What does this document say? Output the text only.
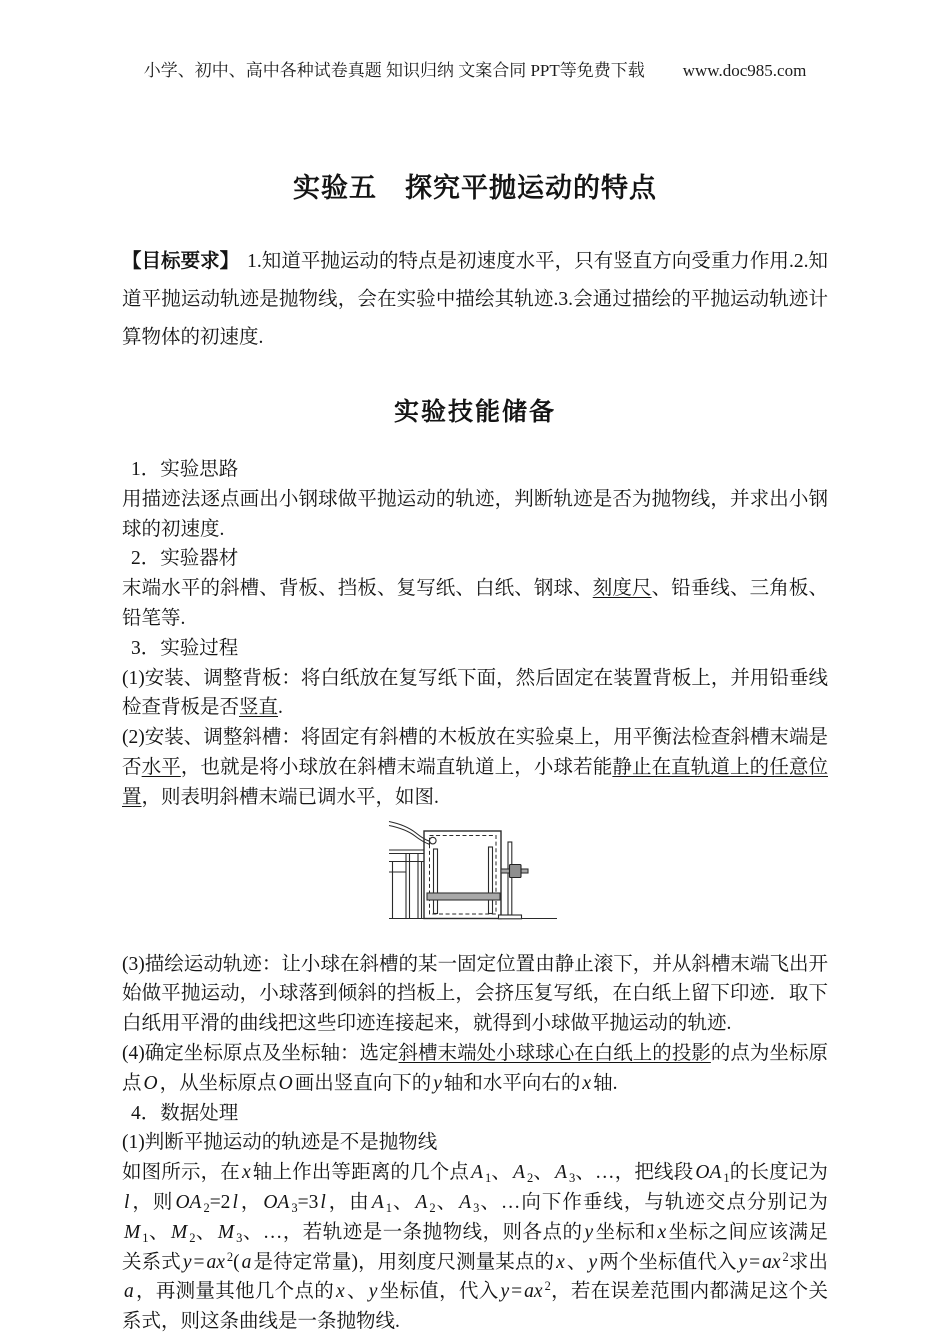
小学、初中、高中各种试卷真题 知识归纳 文案合同 PPT等免费下载 www.doc985.com
实验五　探究平抛运动的特点

【目标要求】 1.知道平抛运动的特点是初速度水平，只有竖直方向受重力作用.2.知道平抛运动轨迹是抛物线，会在实验中描绘其轨迹.3.会通过描绘的平抛运动轨迹计算物体的初速度.

实验技能储备

1．实验思路

用描迹法逐点画出小钢球做平抛运动的轨迹，判断轨迹是否为抛物线，并求出小钢球的初速度.

2．实验器材

末端水平的斜槽、背板、挡板、复写纸、白纸、钢球、刻度尺、铅垂线、三角板、铅笔等.

3．实验过程

(1)安装、调整背板：将白纸放在复写纸下面，然后固定在装置背板上，并用铅垂线检查背板是否竖直.

(2)安装、调整斜槽：将固定有斜槽的木板放在实验桌上，用平衡法检查斜槽末端是否水平，也就是将小球放在斜槽末端直轨道上，小球若能静止在直轨道上的任意位置，则表明斜槽末端已调水平，如图.

(3)描绘运动轨迹：让小球在斜槽的某一固定位置由静止滚下，并从斜槽末端飞出开始做平抛运动，小球落到倾斜的挡板上，会挤压复写纸，在白纸上留下印迹．取下白纸用平滑的曲线把这些印迹连接起来，就得到小球做平抛运动的轨迹.

(4)确定坐标原点及坐标轴：选定斜槽末端处小球球心在白纸上的投影的点为坐标原点 O ，从坐标原点 O 画出竖直向下的 y 轴和水平向右的 x 轴.

4．数据处理

(1)判断平抛运动的轨迹是不是抛物线

如图所示，在 x 轴上作出等距离的几个点 A $_1$、 A $_2$、 A $_3$、…，把线段 OA $_1$的长度记为l ，则 OA $_2$=2 l ， OA $_3$=3 l ，由 A $_1$、 A $_2$、 A $_3$、…向下作垂线，与轨迹交点分别记为M $_1$、 M $_2$、 M $_3$、…，若轨迹是一条抛物线，则各点的 y 坐标和 x 坐标之间应该满足关系式 y = ax $^2$( a 是待定常量)，用刻度尺测量某点的 x 、 y 两个坐标值代入 y = ax $^2$求出a ，再测量其他几个点的 x 、 y 坐标值，代入 y = ax $^2$，若在误差范围内都满足这个关系式，则这条曲线是一条抛物线.
